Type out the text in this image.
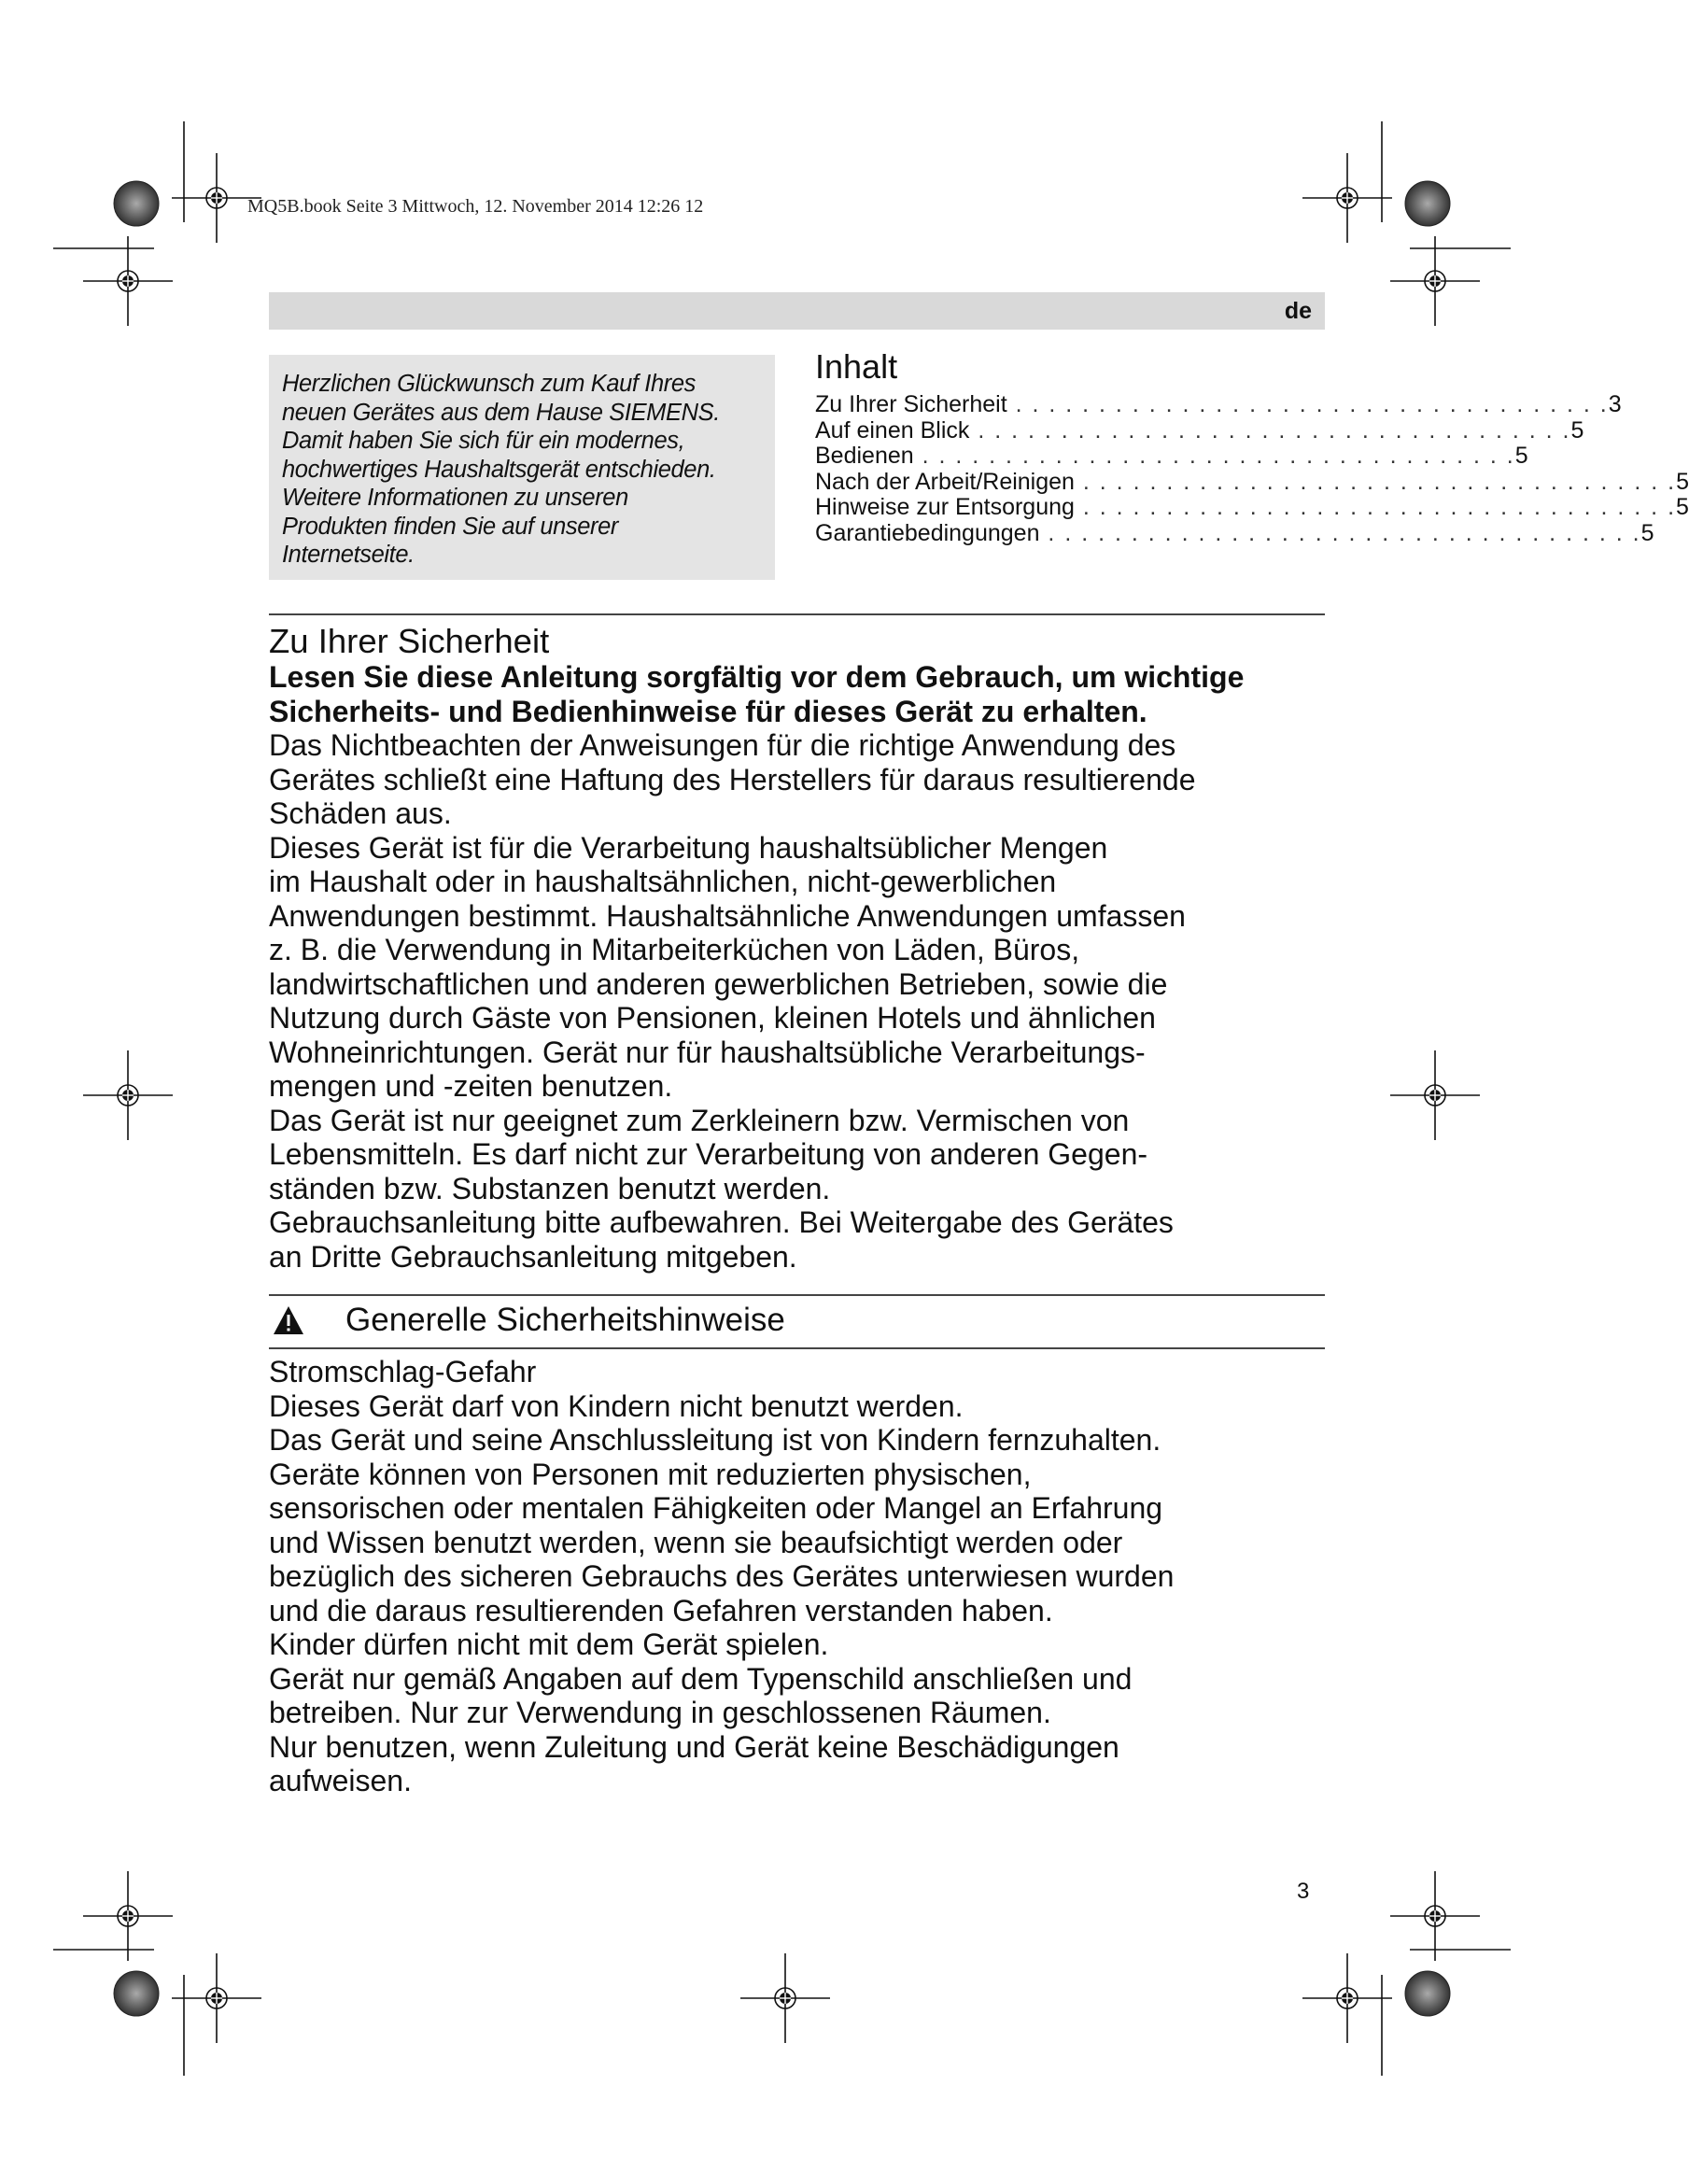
MQ5B.book Seite 3 Mittwoch, 12. November 2014 12:26 12
de
Herzlichen Glückwunsch zum Kauf Ihres
neuen Gerätes aus dem Hause SIEMENS.
Damit haben Sie sich für ein modernes,
hochwertiges Haushaltsgerät entschieden.
Weitere Informationen zu unseren
Produkten finden Sie auf unserer
Internetseite.
Inhalt
Zu Ihrer Sicherheit . . . . . . . . . . . . . . . . . . . . . . . . . . . . . . . . . . . . 3
Auf einen Blick . . . . . . . . . . . . . . . . . . . . . . . . . . . . . . . . . . . . 5
Bedienen . . . . . . . . . . . . . . . . . . . . . . . . . . . . . . . . . . . . 5
Nach der Arbeit/Reinigen . . . . . . . . . . . . . . . . . . . . . . . . . . . . . . . . . . . . 5
Hinweise zur Entsorgung . . . . . . . . . . . . . . . . . . . . . . . . . . . . . . . . . . . . 5
Garantiebedingungen . . . . . . . . . . . . . . . . . . . . . . . . . . . . . . . . . . . . 5
Zu Ihrer Sicherheit
Lesen Sie diese Anleitung sorgfältig vor dem Gebrauch, um wichtige
Sicherheits- und Bedienhinweise für dieses Gerät zu erhalten.
Das Nichtbeachten der Anweisungen für die richtige Anwendung des
Gerätes schließt eine Haftung des Herstellers für daraus resultierende
Schäden aus.
Dieses Gerät ist für die Verarbeitung haushaltsüblicher Mengen
im Haushalt oder in haushaltsähnlichen, nicht-gewerblichen
Anwendungen bestimmt. Haushaltsähnliche Anwendungen umfassen
z. B. die Verwendung in Mitarbeiterküchen von Läden, Büros,
landwirtschaftlichen und anderen gewerblichen Betrieben, sowie die
Nutzung durch Gäste von Pensionen, kleinen Hotels und ähnlichen
Wohneinrichtungen. Gerät nur für haushaltsübliche Verarbeitungs-
mengen und -zeiten benutzen.
Das Gerät ist nur geeignet zum Zerkleinern bzw. Vermischen von
Lebensmitteln. Es darf nicht zur Verarbeitung von anderen Gegen-
ständen bzw. Substanzen benutzt werden.
Gebrauchsanleitung bitte aufbewahren. Bei Weitergabe des Gerätes
an Dritte Gebrauchsanleitung mitgeben.
Generelle Sicherheitshinweise
Stromschlag-Gefahr
Dieses Gerät darf von Kindern nicht benutzt werden.
Das Gerät und seine Anschlussleitung ist von Kindern fernzuhalten.
Geräte können von Personen mit reduzierten physischen,
sensorischen oder mentalen Fähigkeiten oder Mangel an Erfahrung
und Wissen benutzt werden, wenn sie beaufsichtigt werden oder
bezüglich des sicheren Gebrauchs des Gerätes unterwiesen wurden
und die daraus resultierenden Gefahren verstanden haben.
Kinder dürfen nicht mit dem Gerät spielen.
Gerät nur gemäß Angaben auf dem Typenschild anschließen und
betreiben. Nur zur Verwendung in geschlossenen Räumen.
Nur benutzen, wenn Zuleitung und Gerät keine Beschädigungen
aufweisen.
3
